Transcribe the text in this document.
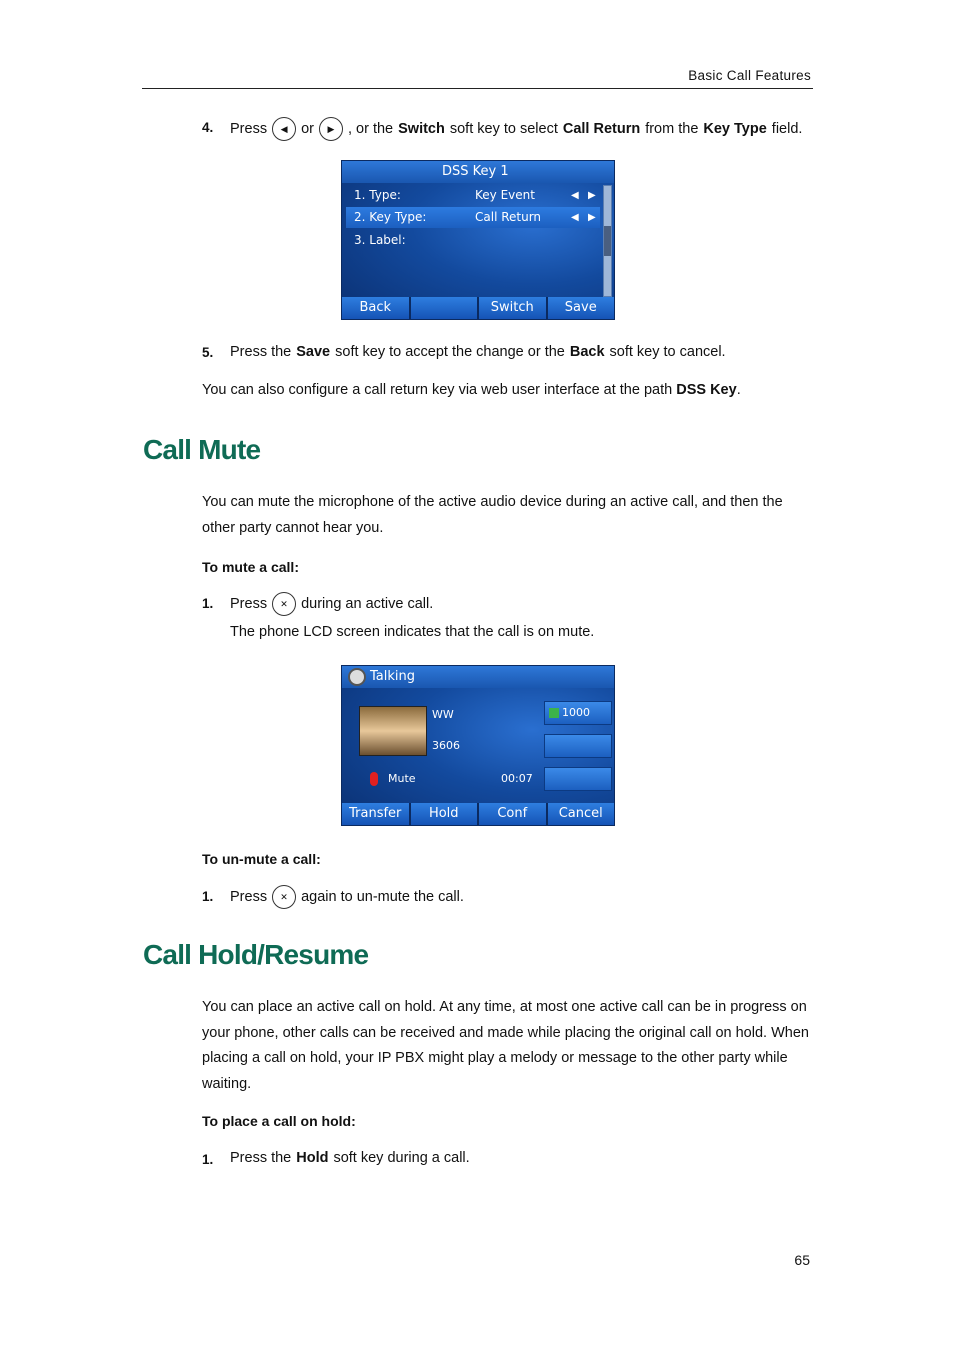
Basic Call Features
4. Press	◀ or	▶ , or the Switch soft key to select Call Return from the Key Type field.
DSS Key 1
1. Type:	Key Event	◀ ▶
2. Key Type:	Call Return	◀ ▶
3. Label:
Back	Switch	Save
5. Press the Save soft key to accept the change or the Back soft key to cancel.
You can also configure a call return key via web user interface at the path DSS Key.
Call Mute
You can mute the microphone of the active audio device during an active call, and then the other party cannot hear you.
To mute a call:
1. Press	✕ during an active call.
The phone LCD screen indicates that the call is on mute.
Talking
WW
3606
Mute	00:07
1000
Transfer	Hold	Conf	Cancel
To un-mute a call:
1. Press	✕ again to un-mute the call.
Call Hold/Resume
You can place an active call on hold. At any time, at most one active call can be in progress on your phone, other calls can be received and made while placing the original call on hold. When placing a call on hold, your IP PBX might play a melody or message to the other party while waiting.
To place a call on hold:
1. Press the Hold soft key during a call.
65
